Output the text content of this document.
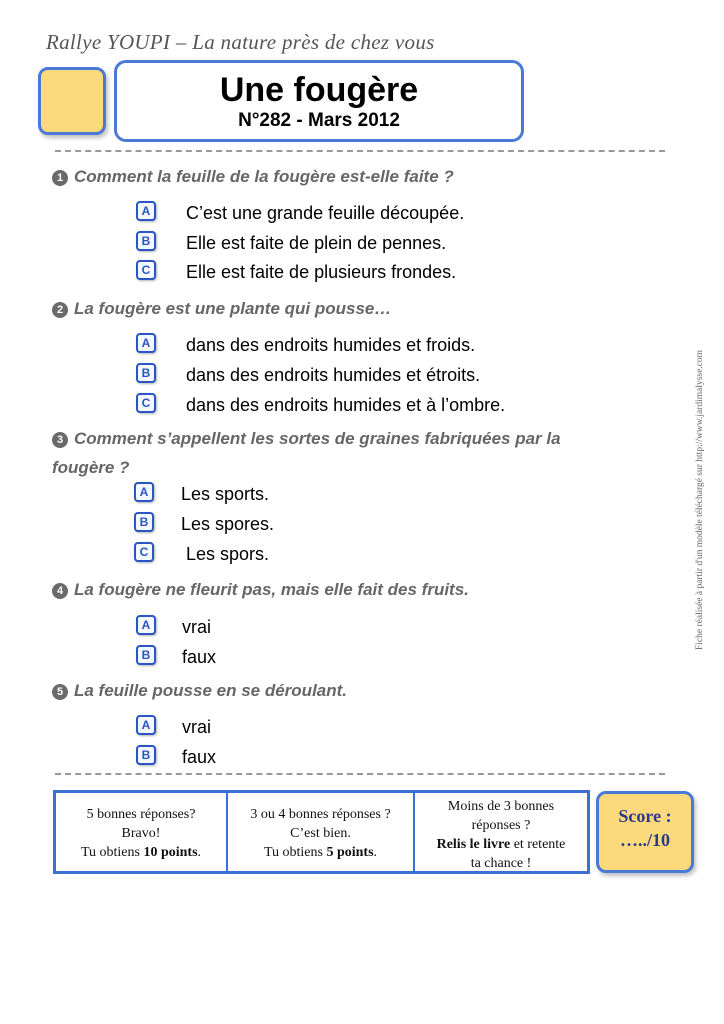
Rallye YOUPI – La nature près de chez vous
Une fougère
N°282 - Mars 2012
1 Comment la feuille de la fougère est-elle faite ?
A C’est une grande feuille découpée.
B Elle est faite de plein de pennes.
C Elle est faite de plusieurs frondes.
2 La fougère est une plante qui pousse…
A dans des endroits humides et froids.
B dans des endroits humides et étroits.
C dans des endroits humides et à l’ombre.
3 Comment s’appellent les sortes de graines fabriquées par la
fougère ?
A Les sports.
B Les spores.
C Les spors.
4 La fougère ne fleurit pas, mais elle fait des fruits.
A vrai
B faux
5 La feuille pousse en se déroulant.
A vrai
B faux
Fiche réalisée à partir d'un modèle téléchargé sur http://www.jardimalysse.com
5 bonnes réponses?
Bravo!
Tu obtiens 10 points.
3 ou 4 bonnes réponses ?
C’est bien.
Tu obtiens 5 points.
Moins de 3 bonnes
réponses ?
Relis le livre et retente
ta chance !
Score :
…../10
